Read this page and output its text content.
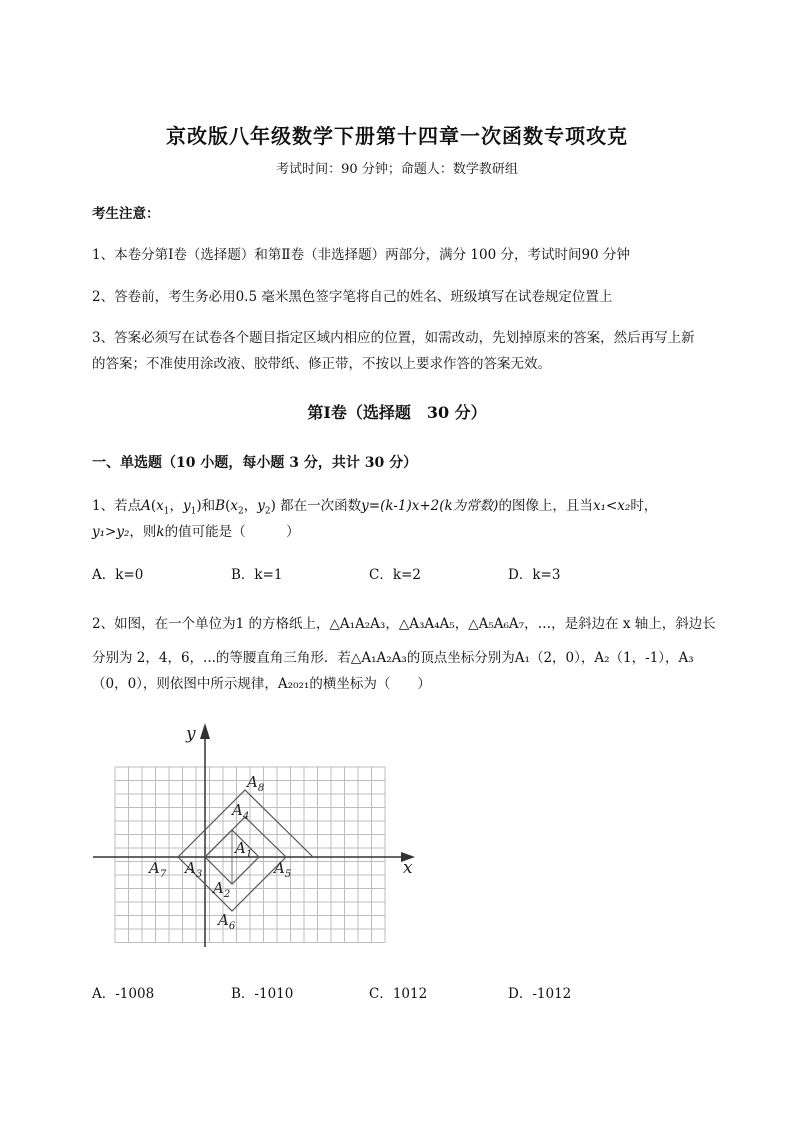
京改版八年级数学下册第十四章一次函数专项攻克
考试时间：90 分钟；命题人：数学教研组
考生注意：
1、本卷分第Ⅰ卷（选择题）和第Ⅱ卷（非选择题）两部分，满分 100 分，考试时间90 分钟
2、答卷前，考生务必用0.5 毫米黑色签字笔将自己的姓名、班级填写在试卷规定位置上
3、答案必须写在试卷各个题目指定区域内相应的位置，如需改动，先划掉原来的答案，然后再写上新
的答案；不准使用涂改液、胶带纸、修正带，不按以上要求作答的答案无效。
第Ⅰ卷（选择题　30 分）
一、单选题（10 小题，每小题 3 分，共计 30 分）
1、若点$A(x_1$，$y_1$)和$B(x_2$，$y_2$) 都在一次函数y=(k-1)x+2(k为常数)的图像上，且当x₁<x₂时，
y₁>y₂，则k的值可能是（　　　）
A．k=0	B．k=1	C．k=2	D．k=3
2、如图，在一个单位为1 的方格纸上，△A₁A₂A₃，△A₃A₄A₅，△A₅A₆A₇，…，是斜边在 x 轴上，斜边长
分别为 2，4，6，...的等腰直角三角形．若△A₁A₂A₃的顶点坐标分别为A₁（2，0），A₂（1，-1），A₃
（0，0），则依图中所示规律，A₂₀₂₁的横坐标为（　　）
x
y
$A_1$
$A_2$
$A_3$
$A_4$
$A_5$
$A_6$
$A_7$
$A_8$
A．-1008	B．-1010	C．1012	D．-1012
